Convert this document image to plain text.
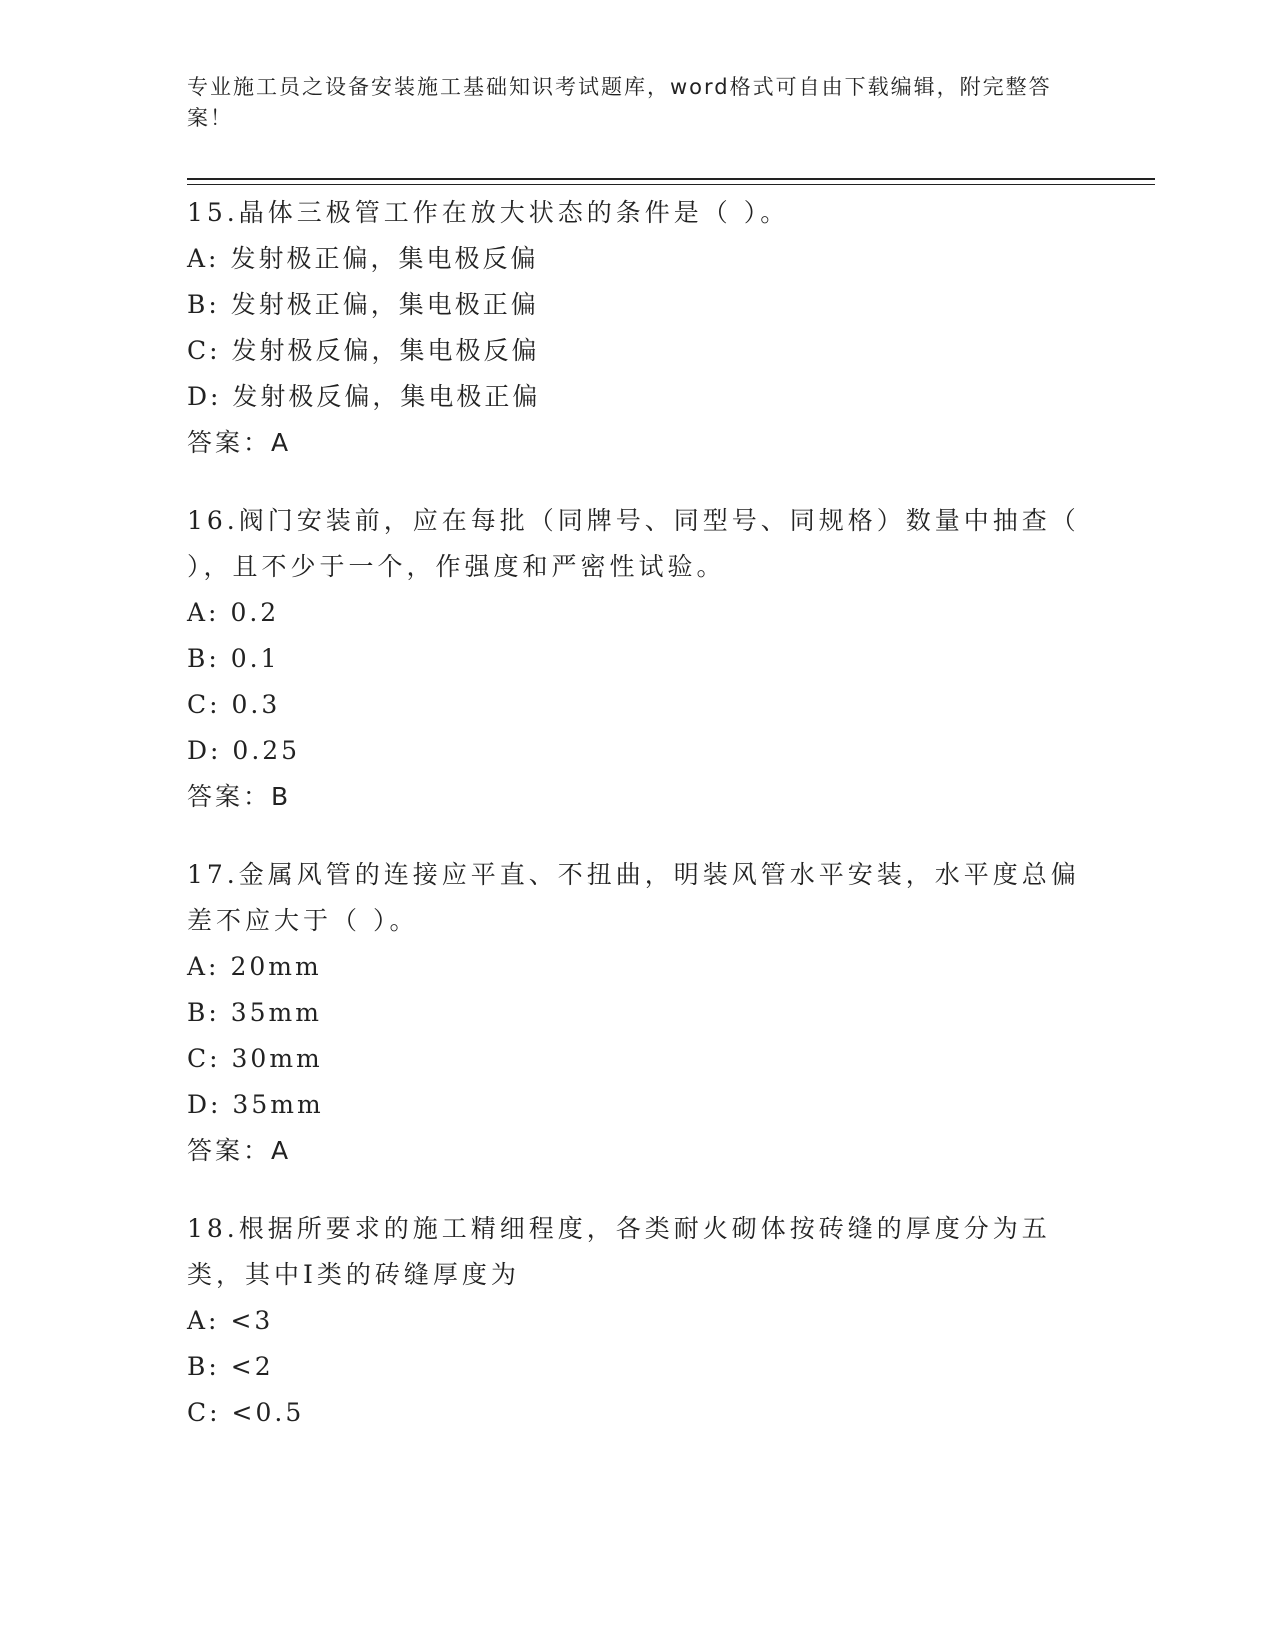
专业施工员之设备安装施工基础知识考试题库，word格式可自由下载编辑，附完整答案！
15.晶体三极管工作在放大状态的条件是（ ）。
A: 发射极正偏，集电极反偏
B: 发射极正偏，集电极正偏
C: 发射极反偏，集电极反偏
D: 发射极反偏，集电极正偏
答案：A
16.阀门安装前，应在每批（同牌号、同型号、同规格）数量中抽查（ ），且不少于一个，作强度和严密性试验。
A: 0.2
B: 0.1
C: 0.3
D: 0.25
答案：B
17.金属风管的连接应平直、不扭曲，明装风管水平安装，水平度总偏差不应大于（ ）。
A: 20mm
B: 35mm
C: 30mm
D: 35mm
答案：A
18.根据所要求的施工精细程度，各类耐火砌体按砖缝的厚度分为五类，其中Ⅰ类的砖缝厚度为
A: <3
B: <2
C: <0.5
